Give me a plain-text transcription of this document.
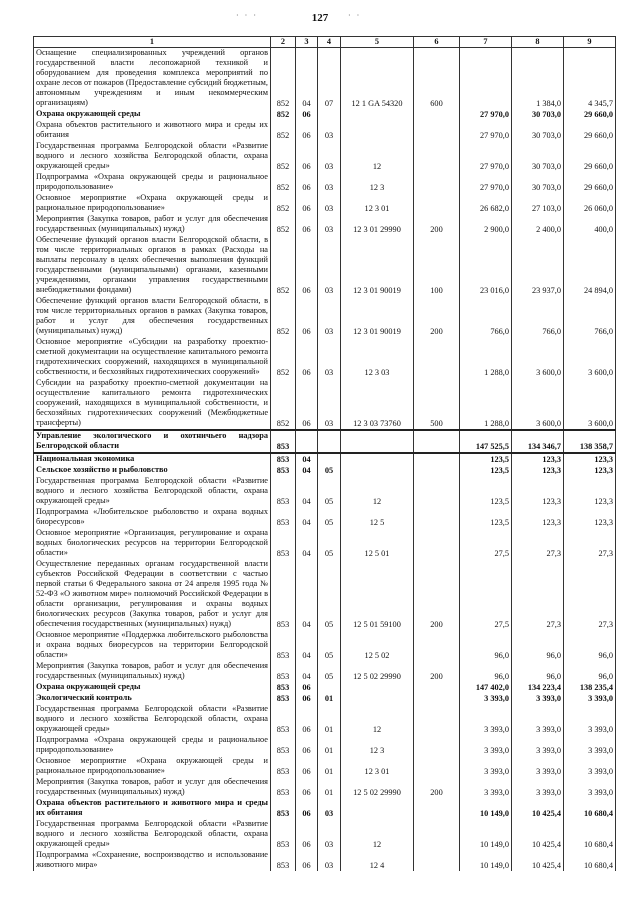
· · ·	· ·
127
1	2	3	4	5	6	7	8	9
Оснащение специализированных учреждений органов государственной власти лесопожарной техникой и оборудованием для проведения комплекса мероприятий по охране лесов от пожаров (Предоставление субсидий бюджетным, автономным учреждениям и иным некоммерческим организациям)	852	04	07	12 1 GA 54320	600		1 384,0	4 345,7
Охрана окружающей среды	852	06				27 970,0	30 703,0	29 660,0
Охрана объектов растительного и животного мира и среды их обитания	852	06	03			27 970,0	30 703,0	29 660,0
Государственная программа Белгородской области «Развитие водного и лесного хозяйства Белгородской области, охрана окружающей среды»	852	06	03	12		27 970,0	30 703,0	29 660,0
Подпрограмма «Охрана окружающей среды и рациональное природопользование»	852	06	03	12 3		27 970,0	30 703,0	29 660,0
Основное мероприятие «Охрана окружающей среды и рациональное природопользование»	852	06	03	12 3 01		26 682,0	27 103,0	26 060,0
Мероприятия (Закупка товаров, работ и услуг для обеспечения государственных (муниципальных) нужд)	852	06	03	12 3 01 29990	200	2 900,0	2 400,0	400,0
Обеспечение функций органов власти Белгородской области, в том числе территориальных органов в рамках (Расходы на выплаты персоналу в целях обеспечения выполнения функций государственными (муниципальными) органами, казенными учреждениями, органами управления государственными внебюджетными фондами)	852	06	03	12 3 01 90019	100	23 016,0	23 937,0	24 894,0
Обеспечение функций органов власти Белгородской области, в том числе территориальных органов в рамках (Закупка товаров, работ и услуг для обеспечения государственных (муниципальных) нужд)	852	06	03	12 3 01 90019	200	766,0	766,0	766,0
Основное мероприятие «Субсидии на разработку проектно-сметной документации на осуществление капитального ремонта гидротехнических сооружений, находящихся в муниципальной собственности, и бесхозяйных гидротехнических сооружений»	852	06	03	12 3 03		1 288,0	3 600,0	3 600,0
Субсидии на разработку проектно-сметной документации на осуществление капитального ремонта гидротехнических сооружений, находящихся в муниципальной собственности, и бесхозяйных гидротехнических сооружений (Межбюджетные трансферты)	852	06	03	12 3 03 73760	500	1 288,0	3 600,0	3 600,0
Управление экологического и охотничьего надзора Белгородской области	853					147 525,5	134 346,7	138 358,7
Национальная экономика	853	04				123,5	123,3	123,3
Сельское хозяйство и рыболовство	853	04	05			123,5	123,3	123,3
Государственная программа Белгородской области «Развитие водного и лесного хозяйства Белгородской области, охрана окружающей среды»	853	04	05	12		123,5	123,3	123,3
Подпрограмма «Любительское рыболовство и охрана водных биоресурсов»	853	04	05	12 5		123,5	123,3	123,3
Основное мероприятие «Организация, регулирование и охрана водных биологических ресурсов на территории Белгородской области»	853	04	05	12 5 01		27,5	27,3	27,3
Осуществление переданных органам государственной власти субъектов Российской Федерации в соответствии с частью первой статьи 6 Федерального закона от 24 апреля 1995 года № 52-ФЗ «О животном мире» полномочий Российской Федерации в области организации, регулирования и охраны водных биологических ресурсов (Закупка товаров, работ и услуг для обеспечения государственных (муниципальных) нужд)	853	04	05	12 5 01 59100	200	27,5	27,3	27,3
Основное мероприятие «Поддержка любительского рыболовства и охрана водных биоресурсов на территории Белгородской области»	853	04	05	12 5 02		96,0	96,0	96,0
Мероприятия (Закупка товаров, работ и услуг для обеспечения государственных (муниципальных) нужд)	853	04	05	12 5 02 29990	200	96,0	96,0	96,0
Охрана окружающей среды	853	06				147 402,0	134 223,4	138 235,4
Экологический контроль	853	06	01			3 393,0	3 393,0	3 393,0
Государственная программа Белгородской области «Развитие водного и лесного хозяйства Белгородской области, охрана окружающей среды»	853	06	01	12		3 393,0	3 393,0	3 393,0
Подпрограмма «Охрана окружающей среды и рациональное природопользование»	853	06	01	12 3		3 393,0	3 393,0	3 393,0
Основное мероприятие «Охрана окружающей среды и рациональное природопользование»	853	06	01	12 3 01		3 393,0	3 393,0	3 393,0
Мероприятия (Закупка товаров, работ и услуг для обеспечения государственных (муниципальных) нужд)	853	06	01	12 5 02 29990	200	3 393,0	3 393,0	3 393,0
Охрана объектов растительного и животного мира и среды их обитания	853	06	03			10 149,0	10 425,4	10 680,4
Государственная программа Белгородской области «Развитие водного и лесного хозяйства Белгородской области, охрана окружающей среды»	853	06	03	12		10 149,0	10 425,4	10 680,4
Подпрограмма «Сохранение, воспроизводство и использование животного мира»	853	06	03	12 4		10 149,0	10 425,4	10 680,4
